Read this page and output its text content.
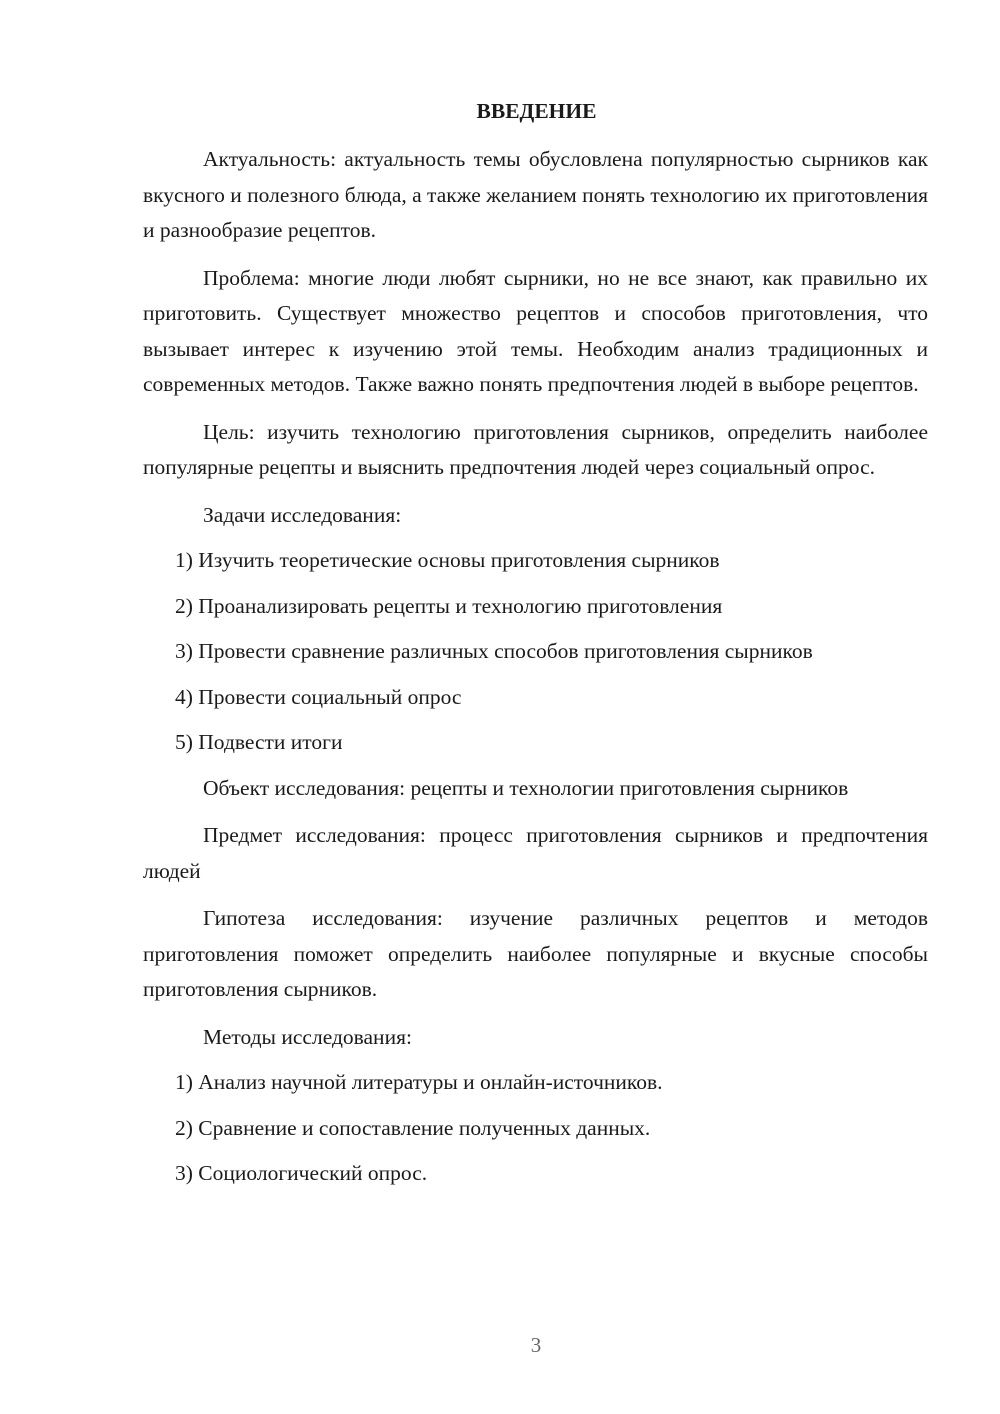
ВВЕДЕНИЕ

Актуальность: актуальность темы обусловлена популярностью сырников как вкусного и полезного блюда, а также желанием понять технологию их приготовления и разнообразие рецептов.

Проблема: многие люди любят сырники, но не все знают, как правильно их приготовить. Существует множество рецептов и способов приготовления, что вызывает интерес к изучению этой темы. Необходим анализ традиционных и современных методов. Также важно понять предпочтения людей в выборе рецептов.

Цель: изучить технологию приготовления сырников, определить наиболее популярные рецепты и выяснить предпочтения людей через социальный опрос.

Задачи исследования:

1) Изучить теоретические основы приготовления сырников

2) Проанализировать рецепты и технологию приготовления

3) Провести сравнение различных способов приготовления сырников

4) Провести социальный опрос

5) Подвести итоги

Объект исследования: рецепты и технологии приготовления сырников

Предмет исследования: процесс приготовления сырников и предпочтения людей

Гипотеза исследования: изучение различных рецептов и методов приготовления поможет определить наиболее популярные и вкусные способы приготовления сырников.

Методы исследования:

1) Анализ научной литературы и онлайн-источников.

2) Сравнение и сопоставление полученных данных.

3) Социологический опрос.

3
